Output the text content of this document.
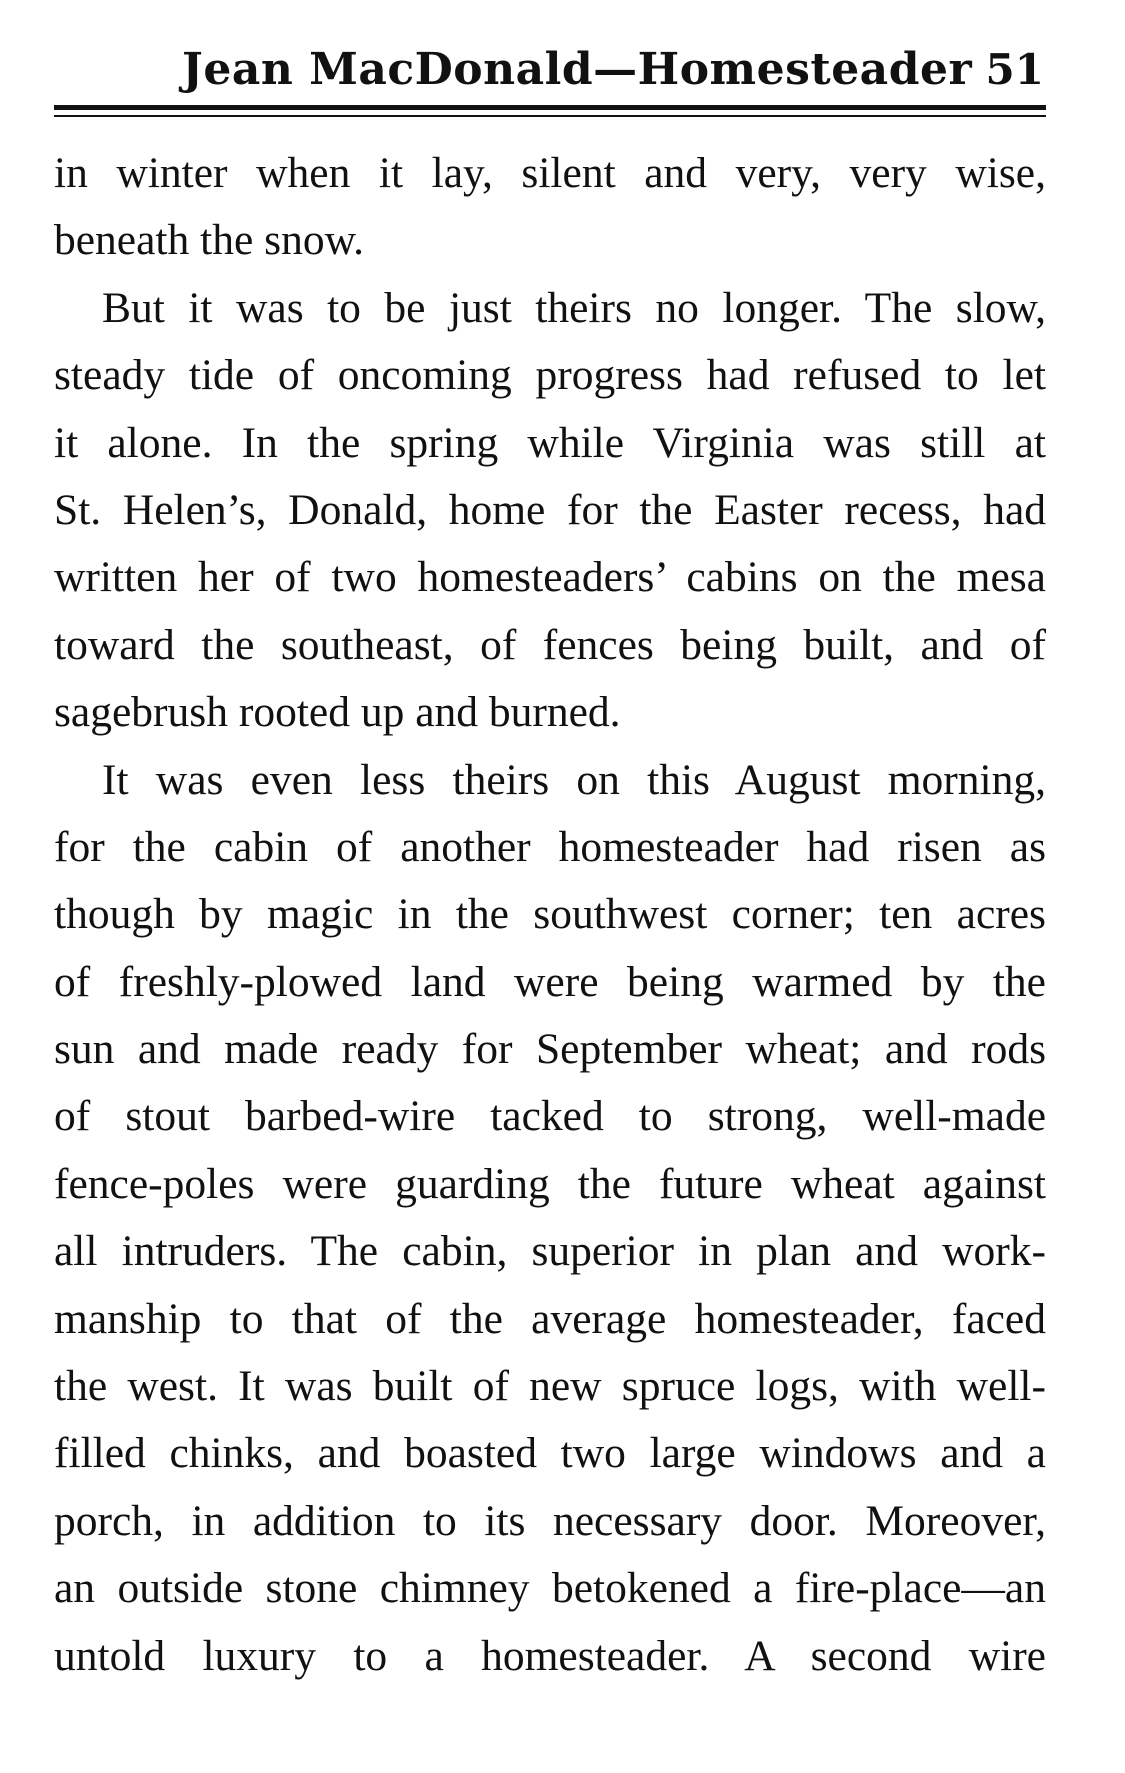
Jean MacDonald—Homesteader 51
in winter when it lay, silent and very, very wise,
beneath the snow.
But it was to be just theirs no longer. The slow,
steady tide of oncoming progress had refused to let
it alone. In the spring while Virginia was still at
St. Helen’s, Donald, home for the Easter recess, had
written her of two homesteaders’ cabins on the mesa
toward the southeast, of fences being built, and of
sagebrush rooted up and burned.
It was even less theirs on this August morning,
for the cabin of another homesteader had risen as
though by magic in the southwest corner; ten acres
of freshly-plowed land were being warmed by the
sun and made ready for September wheat; and rods
of stout barbed-wire tacked to strong, well-made
fence-poles were guarding the future wheat against
all intruders. The cabin, superior in plan and work-
manship to that of the average homesteader, faced
the west. It was built of new spruce logs, with well-
filled chinks, and boasted two large windows and a
porch, in addition to its necessary door. Moreover,
an outside stone chimney betokened a fire-place—an
untold luxury to a homesteader. A second wire
